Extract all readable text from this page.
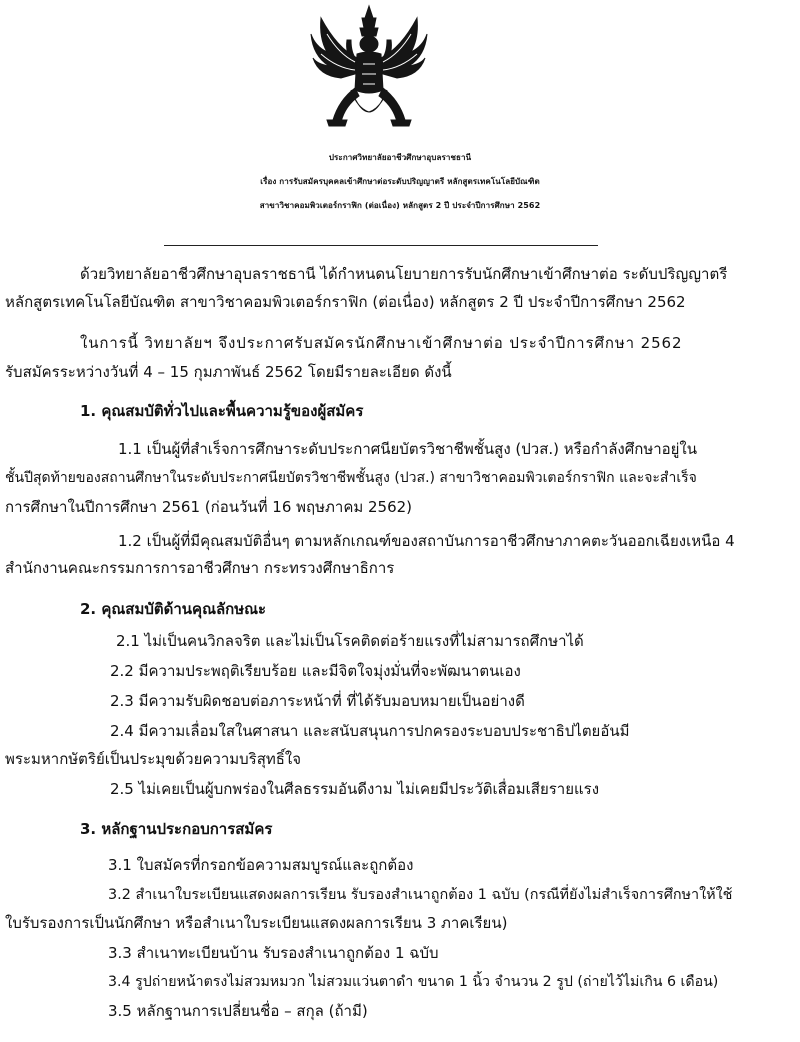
ประกาศวิทยาลัยอาชีวศึกษาอุบลราชธานี
เรื่อง การรับสมัครบุคคลเข้าศึกษาต่อระดับปริญญาตรี หลักสูตรเทคโนโลยีบัณฑิต
สาขาวิชาคอมพิวเตอร์กราฟิก (ต่อเนื่อง) หลักสูตร 2 ปี ประจำปีการศึกษา 2562
ด้วยวิทยาลัยอาชีวศึกษาอุบลราชธานี ได้กำหนดนโยบายการรับนักศึกษาเข้าศึกษาต่อ ระดับปริญญาตรี
หลักสูตรเทคโนโลยีบัณฑิต สาขาวิชาคอมพิวเตอร์กราฟิก (ต่อเนื่อง) หลักสูตร 2 ปี ประจำปีการศึกษา 2562
ในการนี้ วิทยาลัยฯ จึงประกาศรับสมัครนักศึกษาเข้าศึกษาต่อ ประจำปีการศึกษา 2562
รับสมัครระหว่างวันที่ 4 – 15 กุมภาพันธ์ 2562 โดยมีรายละเอียด ดังนี้
1. คุณสมบัติทั่วไปและพื้นความรู้ของผู้สมัคร
1.1 เป็นผู้ที่สำเร็จการศึกษาระดับประกาศนียบัตรวิชาชีพชั้นสูง (ปวส.) หรือกำลังศึกษาอยู่ใน
ชั้นปีสุดท้ายของสถานศึกษาในระดับประกาศนียบัตรวิชาชีพชั้นสูง (ปวส.) สาขาวิชาคอมพิวเตอร์กราฟิก และจะสำเร็จ
การศึกษาในปีการศึกษา 2561 (ก่อนวันที่ 16 พฤษภาคม 2562)
1.2 เป็นผู้ที่มีคุณสมบัติอื่นๆ ตามหลักเกณฑ์ของสถาบันการอาชีวศึกษาภาคตะวันออกเฉียงเหนือ 4
สำนักงานคณะกรรมการการอาชีวศึกษา กระทรวงศึกษาธิการ
2. คุณสมบัติด้านคุณลักษณะ
2.1 ไม่เป็นคนวิกลจริต และไม่เป็นโรคติดต่อร้ายแรงที่ไม่สามารถศึกษาได้
2.2 มีความประพฤติเรียบร้อย และมีจิตใจมุ่งมั่นที่จะพัฒนาตนเอง
2.3 มีความรับผิดชอบต่อภาระหน้าที่ ที่ได้รับมอบหมายเป็นอย่างดี
2.4 มีความเลื่อมใสในศาสนา และสนับสนุนการปกครองระบอบประชาธิปไตยอันมี
พระมหากษัตริย์เป็นประมุขด้วยความบริสุทธิ์ใจ
2.5 ไม่เคยเป็นผู้บกพร่องในศีลธรรมอันดีงาม ไม่เคยมีประวัติเสื่อมเสียรายแรง
3. หลักฐานประกอบการสมัคร
3.1 ใบสมัครที่กรอกข้อความสมบูรณ์และถูกต้อง
3.2 สำเนาใบระเบียนแสดงผลการเรียน รับรองสำเนาถูกต้อง 1 ฉบับ (กรณีที่ยังไม่สำเร็จการศึกษาให้ใช้
ใบรับรองการเป็นนักศึกษา หรือสำเนาใบระเบียนแสดงผลการเรียน 3 ภาคเรียน)
3.3 สำเนาทะเบียนบ้าน รับรองสำเนาถูกต้อง 1 ฉบับ
3.4 รูปถ่ายหน้าตรงไม่สวมหมวก ไม่สวมแว่นตาดำ ขนาด 1 นิ้ว จำนวน 2 รูป (ถ่ายไว้ไม่เกิน 6 เดือน)
3.5 หลักฐานการเปลี่ยนชื่อ – สกุล (ถ้ามี)
